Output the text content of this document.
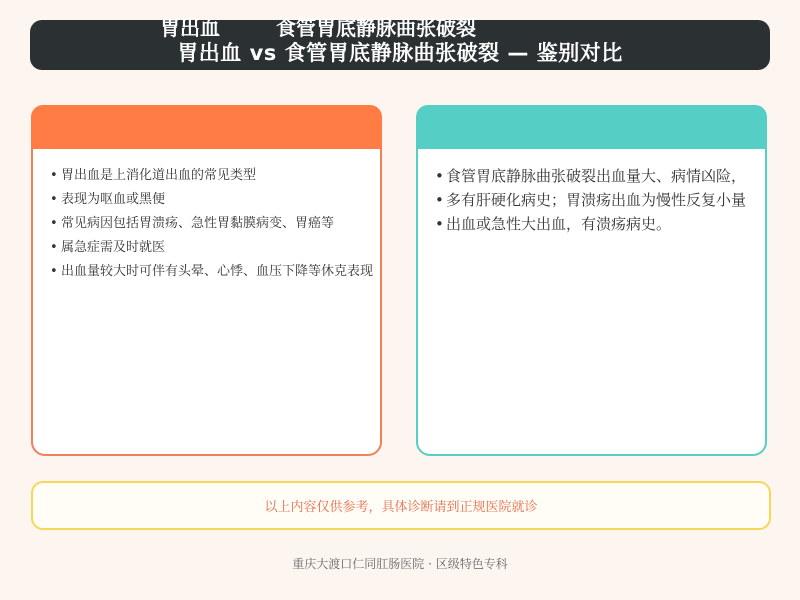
胃出血 vs 食管胃底静脉曲张破裂 — 鉴别对比
胃出血	食管胃底静脉曲张破裂
• 胃出血是上消化道出血的常见类型
• 表现为呕血或黑便
• 常见病因包括胃溃疡、急性胃黏膜病变、胃癌等
• 属急症需及时就医
• 出血量较大时可伴有头晕、心悸、血压下降等休克表现
• 食管胃底静脉曲张破裂出血量大、病情凶险，
• 多有肝硬化病史；胃溃疡出血为慢性反复小量
• 出血或急性大出血，有溃疡病史。
以上内容仅供参考，具体诊断请到正规医院就诊
重庆大渡口仁同肛肠医院 · 区级特色专科
